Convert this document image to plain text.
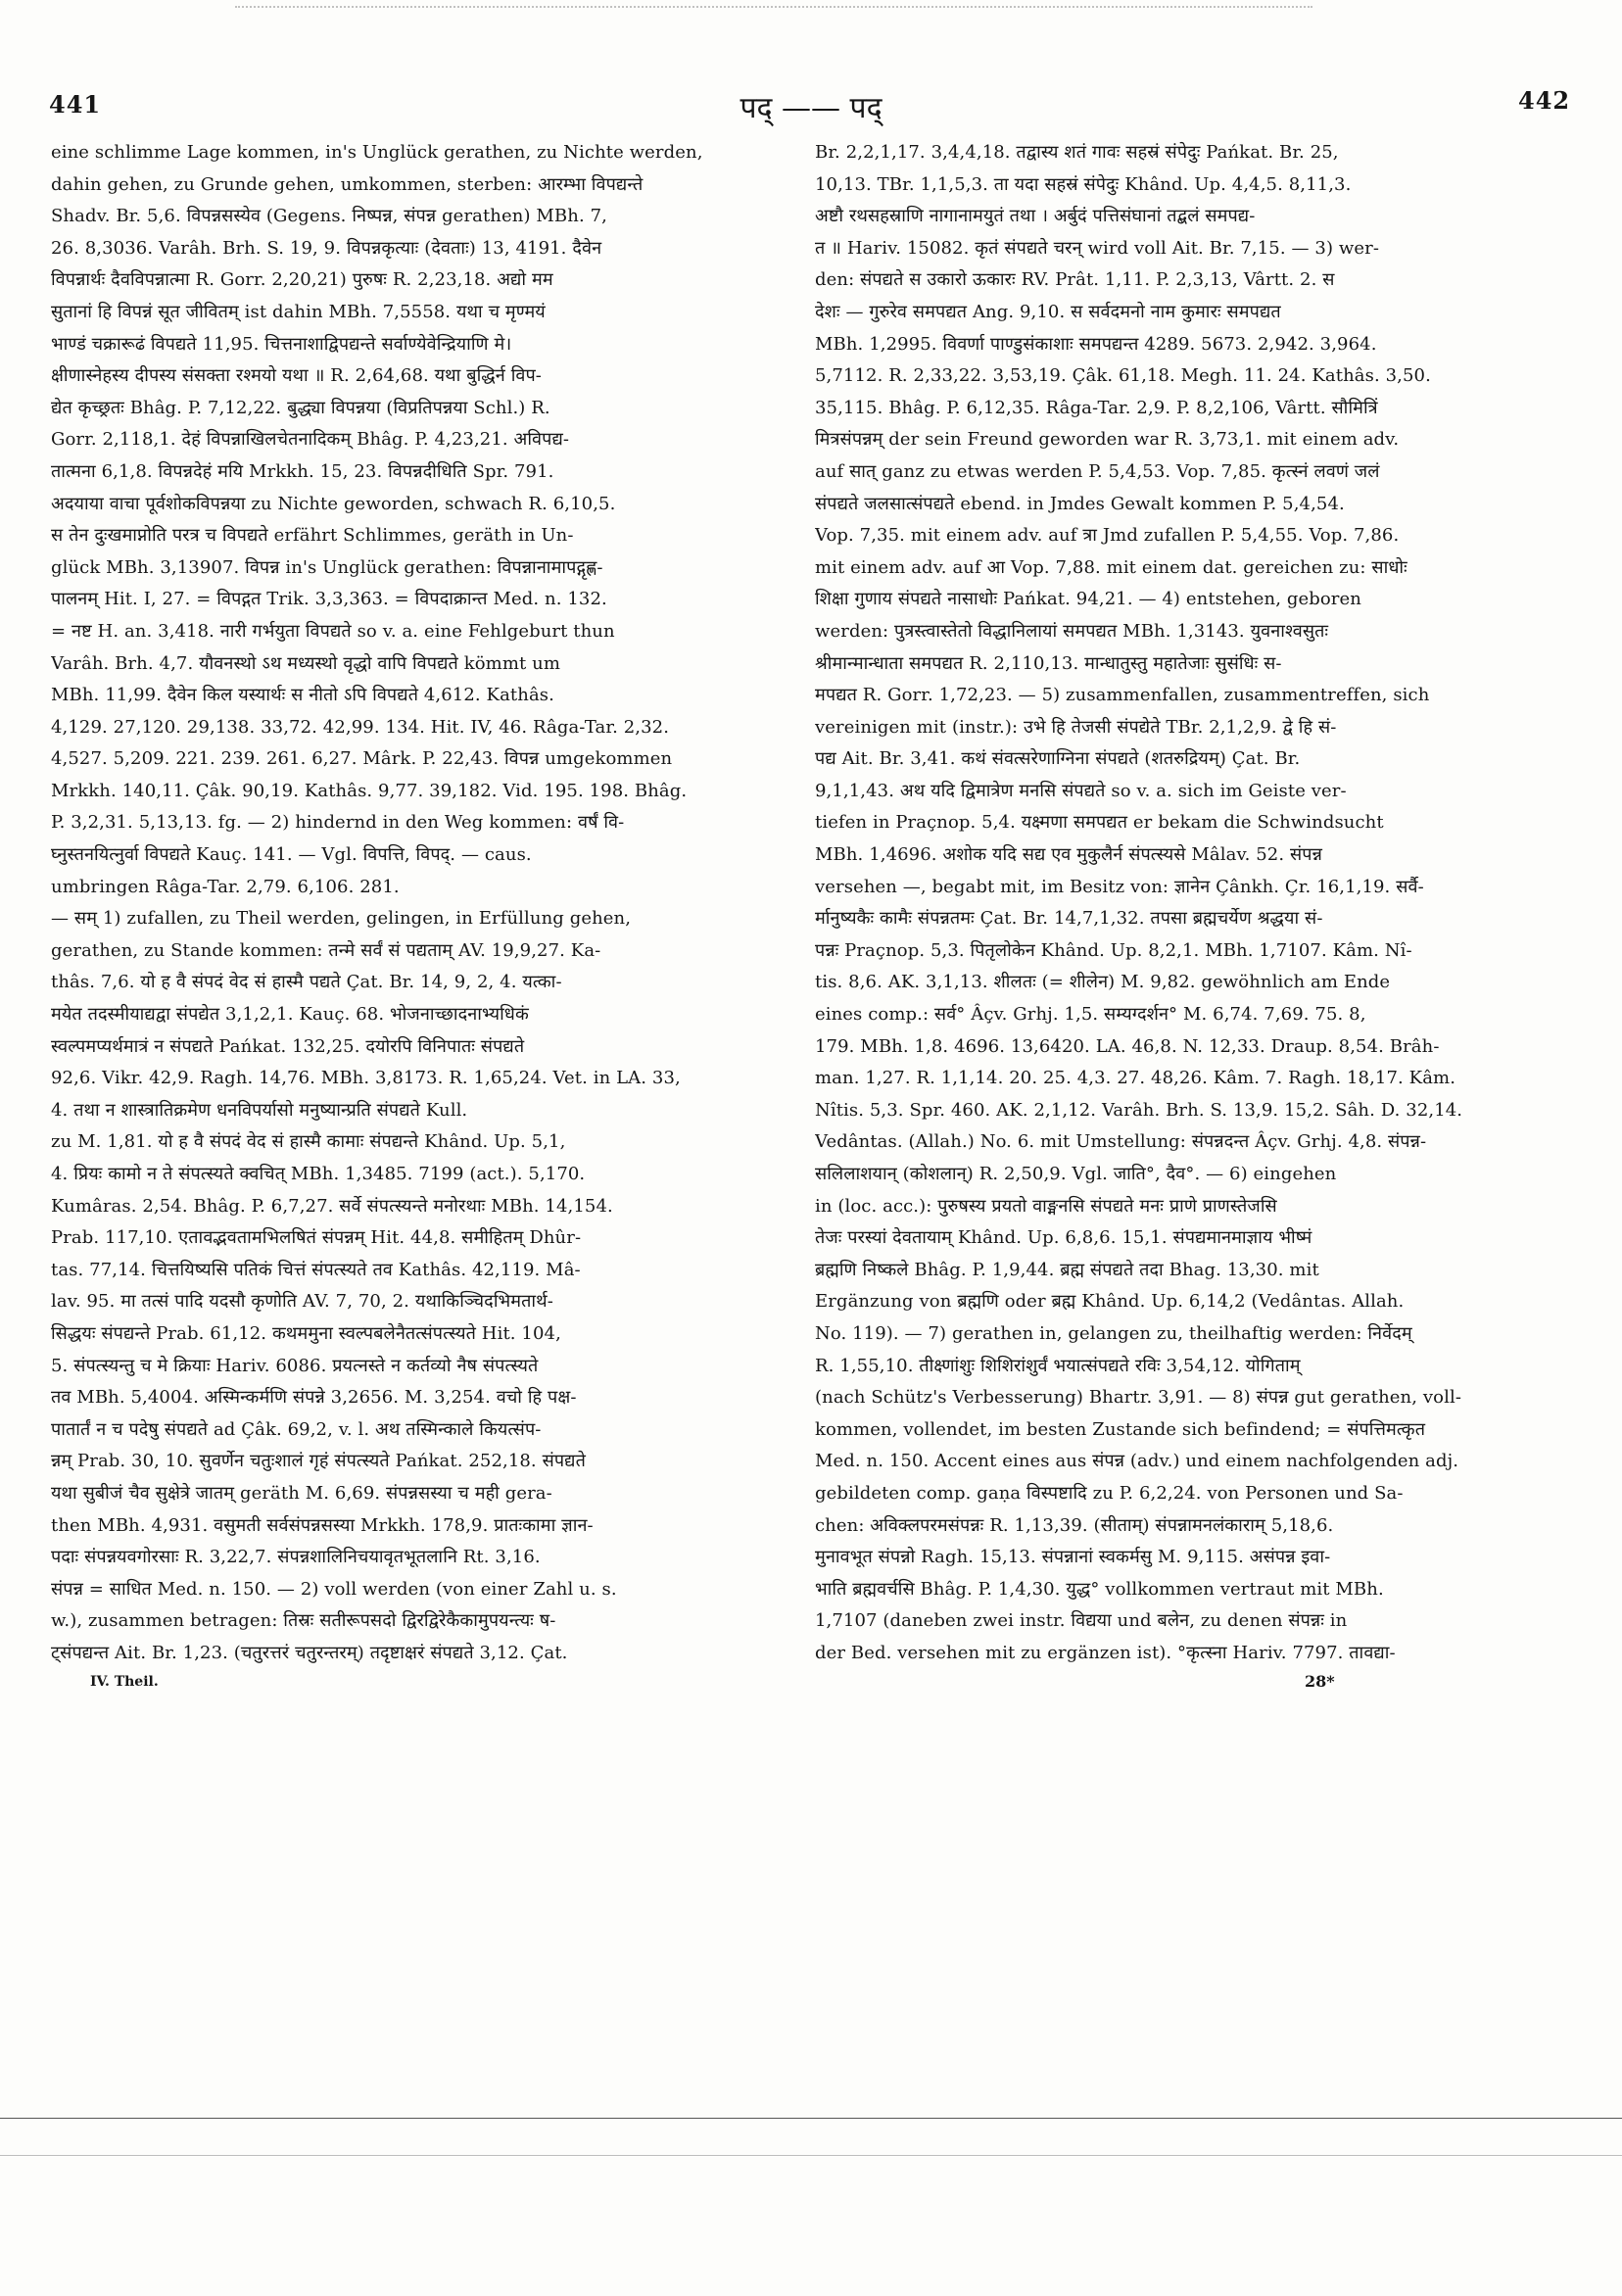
441	पद् —— पद्	442
eine schlimme Lage kommen, in's Unglück gerathen, zu Nichte werden,
dahin gehen, zu Grunde gehen, umkommen, sterben: आरम्भा विपद्यन्ते
Shadv. Br. 5,6. विपन्नसस्येव (Gegens. निष्पन्न, संपन्न gerathen) MBh. 7,
26. 8,3036. Varâh. Brh. S. 19, 9. विपन्नकृत्याः (देवताः) 13, 4191. दैवेन
विपन्नार्थः दैवविपन्नात्मा R. Gorr. 2,20,21) पुरुषः R. 2,23,18. अद्यो मम
सुतानां हि विपन्नं सूत जीवितम् ist dahin MBh. 7,5558. यथा च मृण्मयं
भाण्डं चक्रारूढं विपद्यते 11,95. चित्तनाशाद्विपद्यन्ते सर्वाण्येवेन्द्रियाणि मे।
क्षीणास्नेहस्य दीपस्य संसक्ता रश्मयो यथा ॥ R. 2,64,68. यथा बुद्धिर्न विप-
द्येत कृच्छ्रतः Bhâg. P. 7,12,22. बुद्ध्या विपन्नया (विप्रतिपन्नया Schl.) R.
Gorr. 2,118,1. देहं विपन्नाखिलचेतनादिकम् Bhâg. P. 4,23,21. अविपद्य-
तात्मना 6,1,8. विपन्नदेहं मयि Mrkkh. 15, 23. विपन्नदीधिति Spr. 791.
अदयाया वाचा पूर्वशोकविपन्नया zu Nichte geworden, schwach R. 6,10,5.
स तेन दुःखमाप्नोति परत्र च विपद्यते erfährt Schlimmes, geräth in Un-
glück MBh. 3,13907. विपन्न in's Unglück gerathen: विपन्नानामापद्गृह्ण-
पालनम् Hit. I, 27. = विपद्गत Trik. 3,3,363. = विपदाक्रान्त Med. n. 132.
= नष्ट H. an. 3,418. नारी गर्भयुता विपद्यते so v. a. eine Fehlgeburt thun
Varâh. Brh. 4,7. यौवनस्थो ऽथ मध्यस्थो वृद्धो वापि विपद्यते kömmt um
MBh. 11,99. दैवेन किल यस्यार्थः स नीतो ऽपि विपद्यते 4,612. Kathâs.
4,129. 27,120. 29,138. 33,72. 42,99. 134. Hit. IV, 46. Râga-Tar. 2,32.
4,527. 5,209. 221. 239. 261. 6,27. Mârk. P. 22,43. विपन्न umgekommen
Mrkkh. 140,11. Çâk. 90,19. Kathâs. 9,77. 39,182. Vid. 195. 198. Bhâg.
P. 3,2,31. 5,13,13. fg. — 2) hindernd in den Weg kommen: वर्षं वि-
घ्नुस्तनयित्नुर्वा विपद्यते Kauç. 141. — Vgl. विपत्ति, विपद्. — caus.
umbringen Râga-Tar. 2,79. 6,106. 281.
— सम् 1) zufallen, zu Theil werden, gelingen, in Erfüllung gehen,
gerathen, zu Stande kommen: तन्मे सर्वं सं पद्यताम् AV. 19,9,27. Ka-
thâs. 7,6. यो ह वै संपदं वेद सं हास्मै पद्यते Çat. Br. 14, 9, 2, 4. यत्का-
मयेत तदस्मीयाद्यद्वा संपद्येत 3,1,2,1. Kauç. 68. भोजनाच्छादनाभ्यधिकं
स्वल्पमप्यर्थमात्रं न संपद्यते Pańkat. 132,25. दयोरपि विनिपातः संपद्यते
92,6. Vikr. 42,9. Ragh. 14,76. MBh. 3,8173. R. 1,65,24. Vet. in LA. 33,
4. तथा न शास्त्रातिक्रमेण धनविपर्यासो मनुष्यान्प्रति संपद्यते Kull.
zu M. 1,81. यो ह वै संपदं वेद सं हास्मै कामाः संपद्यन्ते Khând. Up. 5,1,
4. प्रियः कामो न ते संपत्स्यते क्वचित् MBh. 1,3485. 7199 (act.). 5,170.
Kumâras. 2,54. Bhâg. P. 6,7,27. सर्वे संपत्स्यन्ते मनोरथाः MBh. 14,154.
Prab. 117,10. एतावद्भवतामभिलषितं संपन्नम् Hit. 44,8. समीहितम् Dhûr-
tas. 77,14. चित्तयिष्यसि पतिकं चित्तं संपत्स्यते तव Kathâs. 42,119. Mâ-
lav. 95. मा तत्सं पादि यदसौ कृणोति AV. 7, 70, 2. यथाकिञ्चिदभिमतार्थ-
सिद्धयः संपद्यन्ते Prab. 61,12. कथममुना स्वल्पबलेनैतत्संपत्स्यते Hit. 104,
5. संपत्स्यन्तु च मे क्रियाः Hariv. 6086. प्रयत्नस्ते न कर्तव्यो नैष संपत्स्यते
तव MBh. 5,4004. अस्मिन्कर्मणि संपन्ने 3,2656. M. 3,254. वचो हि पक्ष-
पातार्तं न च पदेषु संपद्यते ad Çâk. 69,2, v. l. अथ तस्मिन्काले कियत्संप-
न्नम् Prab. 30, 10. सुवर्णेन चतुःशालं गृहं संपत्स्यते Pańkat. 252,18. संपद्यते
यथा सुबीजं चैव सुक्षेत्रे जातम् geräth M. 6,69. संपन्नसस्या च मही gera-
then MBh. 4,931. वसुमती सर्वसंपन्नसस्या Mrkkh. 178,9. प्रातःकामा ज्ञान-
पदाः संपन्नयवगोरसाः R. 3,22,7. संपन्नशालिनिचयावृतभूतलानि Rt. 3,16.
संपन्न = साधित Med. n. 150. — 2) voll werden (von einer Zahl u. s.
w.), zusammen betragen: तिस्रः सतीरूपसदो द्विरद्विरेकैकामुपयन्त्यः ष-
ट्संपद्यन्त Ait. Br. 1,23. (चतुरत्तरं चतुरन्तरम्) तदृष्टाक्षरं संपद्यते 3,12. Çat.
IV. Theil.
Br. 2,2,1,17. 3,4,4,18. तद्वास्य शतं गावः सहस्रं संपेदुः Pańkat. Br. 25,
10,13. TBr. 1,1,5,3. ता यदा सहस्रं संपेदुः Khând. Up. 4,4,5. 8,11,3.
अष्टौ रथसहस्राणि नागानामयुतं तथा । अर्बुदं पत्तिसंघानां तद्बलं समपद्य-
त ॥ Hariv. 15082. कृतं संपद्यते चरन् wird voll Ait. Br. 7,15. — 3) wer-
den: संपद्यते स उकारो ऊकारः RV. Prât. 1,11. P. 2,3,13, Vârtt. 2. स
देशः — गुरुरेव समपद्यत Ang. 9,10. स सर्वदमनो नाम कुमारः समपद्यत
MBh. 1,2995. विवर्णा पाण्डुसंकाशाः समपद्यन्त 4289. 5673. 2,942. 3,964.
5,7112. R. 2,33,22. 3,53,19. Çâk. 61,18. Megh. 11. 24. Kathâs. 3,50.
35,115. Bhâg. P. 6,12,35. Râga-Tar. 2,9. P. 8,2,106, Vârtt. सौमित्रिं
मित्रसंपन्नम् der sein Freund geworden war R. 3,73,1. mit einem adv.
auf सात् ganz zu etwas werden P. 5,4,53. Vop. 7,85. कृत्स्नं लवणं जलं
संपद्यते जलसात्संपद्यते ebend. in Jmdes Gewalt kommen P. 5,4,54.
Vop. 7,35. mit einem adv. auf त्रा Jmd zufallen P. 5,4,55. Vop. 7,86.
mit einem adv. auf आ Vop. 7,88. mit einem dat. gereichen zu: साधोः
शिक्षा गुणाय संपद्यते नासाधोः Pańkat. 94,21. — 4) entstehen, geboren
werden: पुत्रस्त्वास्तेतो विद्धानिलायां समपद्यत MBh. 1,3143. युवनाश्वसुतः
श्रीमान्मान्धाता समपद्यत R. 2,110,13. मान्धातुस्तु महातेजाः सुसंधिः स-
मपद्यत R. Gorr. 1,72,23. — 5) zusammenfallen, zusammentreffen, sich
vereinigen mit (instr.): उभे हि तेजसी संपद्येते TBr. 2,1,2,9. द्वे हि सं-
पद्य Ait. Br. 3,41. कथं संवत्सरेणाग्निना संपद्यते (शतरुद्रियम्) Çat. Br.
9,1,1,43. अथ यदि द्विमात्रेण मनसि संपद्यते so v. a. sich im Geiste ver-
tiefen in Praçnop. 5,4. यक्ष्मणा समपद्यत er bekam die Schwindsucht
MBh. 1,4696. अशोक यदि सद्य एव मुकुलैर्न संपत्स्यसे Mâlav. 52. संपन्न
versehen —, begabt mit, im Besitz von: ज्ञानेन Çânkh. Çr. 16,1,19. सर्वै-
र्मानुष्यकैः कामैः संपन्नतमः Çat. Br. 14,7,1,32. तपसा ब्रह्मचर्येण श्रद्धया सं-
पन्नः Praçnop. 5,3. पितृलोकेन Khând. Up. 8,2,1. MBh. 1,7107. Kâm. Nî-
tis. 8,6. AK. 3,1,13. शीलतः (= शीलेन) M. 9,82. gewöhnlich am Ende
eines comp.: सर्व° Âçv. Grhj. 1,5. सम्यग्दर्शन° M. 6,74. 7,69. 75. 8,
179. MBh. 1,8. 4696. 13,6420. LA. 46,8. N. 12,33. Draup. 8,54. Brâh-
man. 1,27. R. 1,1,14. 20. 25. 4,3. 27. 48,26. Kâm. 7. Ragh. 18,17. Kâm.
Nîtis. 5,3. Spr. 460. AK. 2,1,12. Varâh. Brh. S. 13,9. 15,2. Sâh. D. 32,14.
Vedântas. (Allah.) No. 6. mit Umstellung: संपन्नदन्त Âçv. Grhj. 4,8. संपन्न-
सलिलाशयान् (कोशलान्) R. 2,50,9. Vgl. जाति°, दैव°. — 6) eingehen
in (loc. acc.): पुरुषस्य प्रयतो वाङ्मनसि संपद्यते मनः प्राणे प्राणस्तेजसि
तेजः परस्यां देवतायाम् Khând. Up. 6,8,6. 15,1. संपद्यमानमाज्ञाय भीष्मं
ब्रह्मणि निष्कले Bhâg. P. 1,9,44. ब्रह्म संपद्यते तदा Bhag. 13,30. mit
Ergänzung von ब्रह्मणि oder ब्रह्म Khând. Up. 6,14,2 (Vedântas. Allah.
No. 119). — 7) gerathen in, gelangen zu, theilhaftig werden: निर्वेदम्
R. 1,55,10. तीक्ष्णांशुः शिशिरांशुर्वं भयात्संपद्यते रविः 3,54,12. योगिताम्
(nach Schütz's Verbesserung) Bhartr. 3,91. — 8) संपन्न gut gerathen, voll-
kommen, vollendet, im besten Zustande sich befindend; = संपत्तिमत्कृत
Med. n. 150. Accent eines aus संपन्न (adv.) und einem nachfolgenden adj.
gebildeten comp. gaṇa विस्पष्टादि zu P. 6,2,24. von Personen und Sa-
chen: अविक्लपरमसंपन्नः R. 1,13,39. (सीताम्) संपन्नामनलंकाराम् 5,18,6.
मुनावभूत संपन्नो Ragh. 15,13. संपन्नानां स्वकर्मसु M. 9,115. असंपन्न इवा-
भाति ब्रह्मवर्चसि Bhâg. P. 1,4,30. युद्ध° vollkommen vertraut mit MBh.
1,7107 (daneben zwei instr. विद्यया und बलेन, zu denen संपन्नः in
der Bed. versehen mit zu ergänzen ist). °कृत्स्ना Hariv. 7797. तावद्या-
28*
